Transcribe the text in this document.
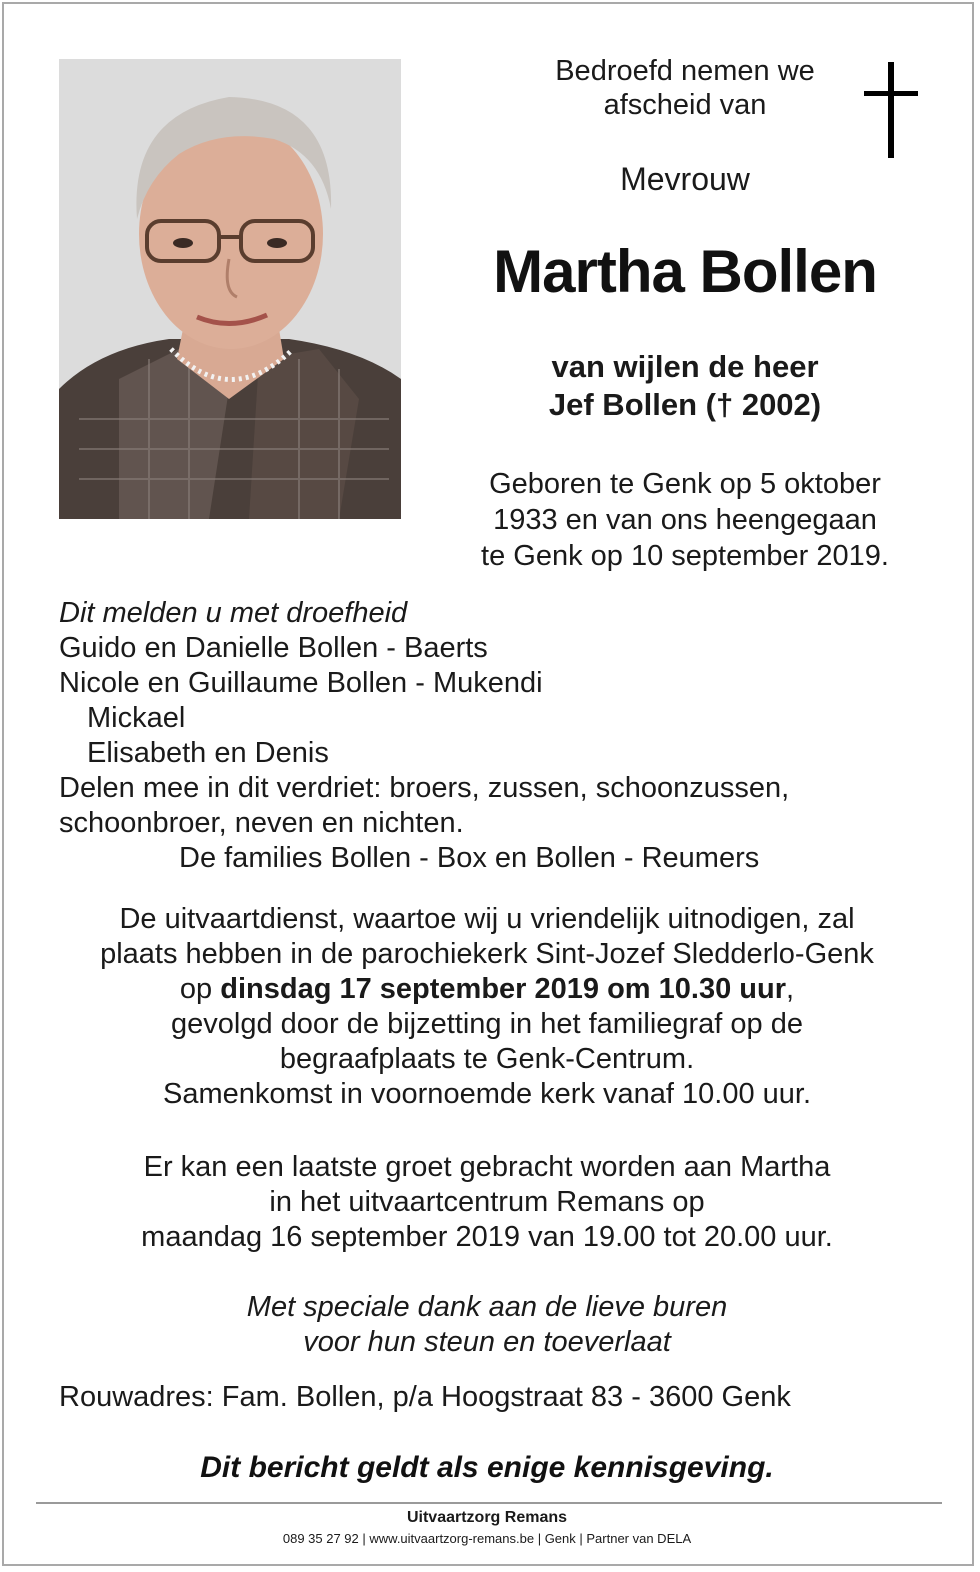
Bedroefd nemen we
afscheid van
Mevrouw
Martha Bollen
van wijlen de heer
Jef Bollen († 2002)
Geboren te Genk op 5 oktober
1933 en van ons heengegaan
te Genk op 10 september 2019.
Dit melden u met droefheid
Guido en Danielle Bollen - Baerts
Nicole en Guillaume Bollen - Mukendi
Mickael
Elisabeth en Denis
Delen mee in dit verdriet: broers, zussen, schoonzussen,
schoonbroer, neven en nichten.
De families Bollen - Box en Bollen - Reumers
De uitvaartdienst, waartoe wij u vriendelijk uitnodigen, zal
plaats hebben in de parochiekerk Sint-Jozef Sledderlo-Genk
op dinsdag 17 september 2019 om 10.30 uur,
gevolgd door de bijzetting in het familiegraf op de
begraafplaats te Genk-Centrum.
Samenkomst in voornoemde kerk vanaf 10.00 uur.
Er kan een laatste groet gebracht worden aan Martha
in het uitvaartcentrum Remans op
maandag 16 september 2019 van 19.00 tot 20.00 uur.
Met speciale dank aan de lieve buren
voor hun steun en toeverlaat
Rouwadres: Fam. Bollen, p/a Hoogstraat 83 - 3600 Genk
Dit bericht geldt als enige kennisgeving.
Uitvaartzorg Remans
089 35 27 92 | www.uitvaartzorg-remans.be | Genk | Partner van DELA
